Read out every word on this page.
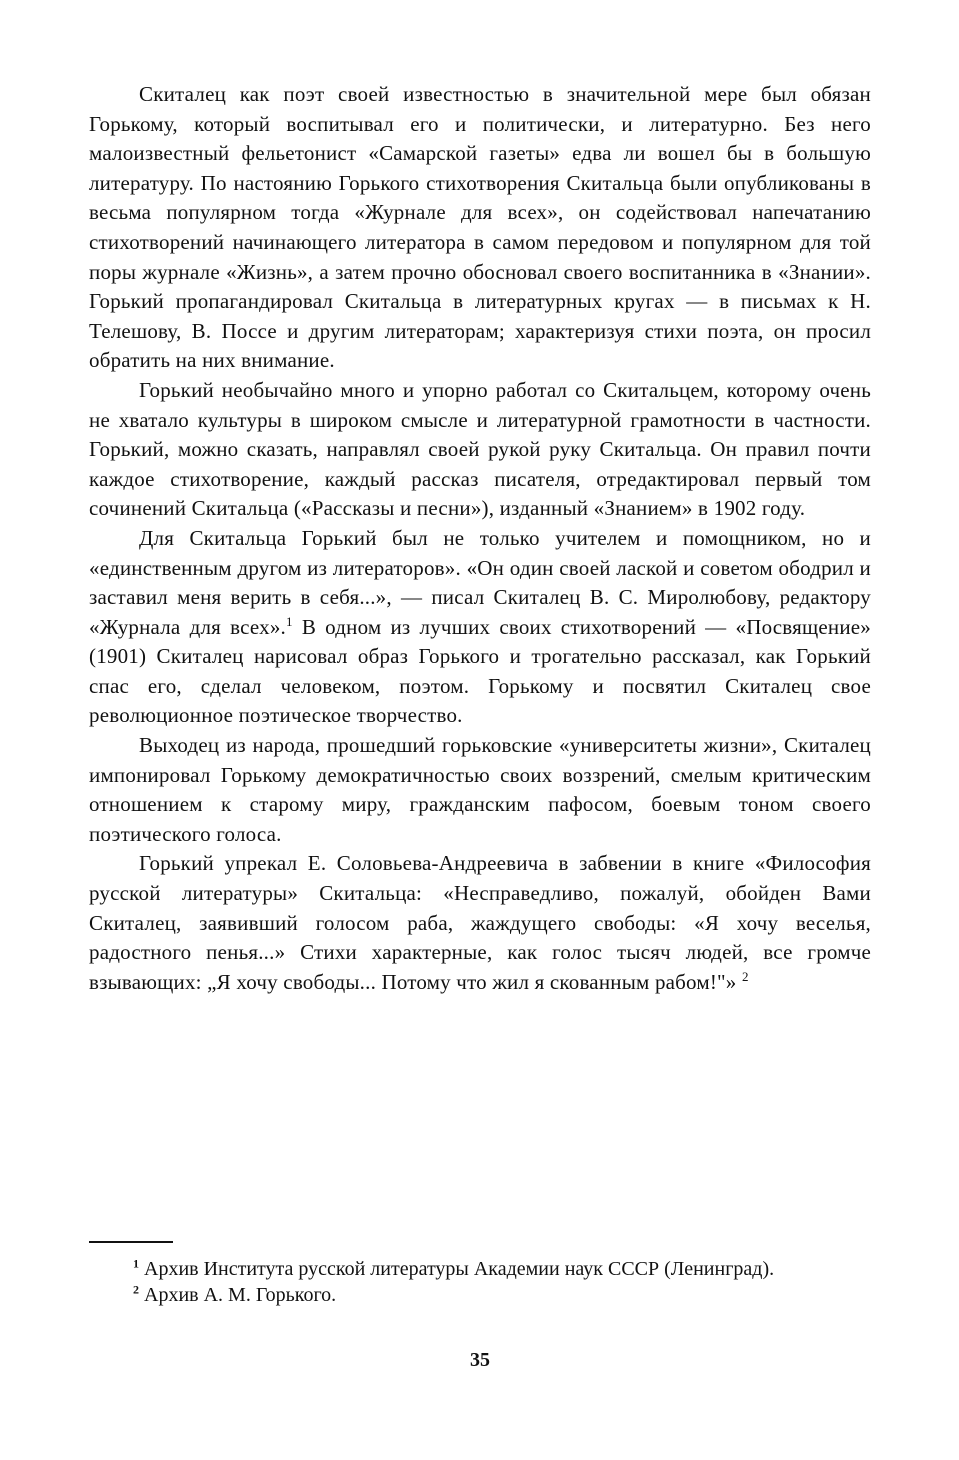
Скиталец как поэт своей известностью в значительной мере был обязан Горькому, который воспитывал его и политически, и литературно. Без него малоизвестный фельетонист «Самарской газеты» едва ли вошел бы в большую литературу. По настоянию Горького стихотворения Скитальца были опубликованы в весьма популярном тогда «Журнале для всех», он содействовал напечатанию стихотворений начинающего литератора в самом передовом и популярном для той поры журнале «Жизнь», а затем прочно обосновал своего воспитанника в «Знании». Горький пропагандировал Скитальца в литературных кругах — в письмах к Н. Телешову, В. Поссе и другим литераторам; характеризуя стихи поэта, он просил обратить на них внимание.

Горький необычайно много и упорно работал со Скитальцем, которому очень не хватало культуры в широком смысле и литературной грамотности в частности. Горький, можно сказать, направлял своей рукой руку Скитальца. Он правил почти каждое стихотворение, каждый рассказ писателя, отредактировал первый том сочинений Скитальца («Рассказы и песни»), изданный «Знанием» в 1902 году.

Для Скитальца Горький был не только учителем и помощником, но и «единственным другом из литераторов». «Он один своей лаской и советом ободрил и заставил меня верить в себя...», — писал Скиталец В. С. Миролюбову, редактору «Журнала для всех».$^1$ В одном из лучших своих стихотворений — «Посвящение» (1901) Скиталец нарисовал образ Горького и трогательно рассказал, как Горький спас его, сделал человеком, поэтом. Горькому и посвятил Скиталец свое революционное поэтическое творчество.

Выходец из народа, прошедший горьковские «университеты жизни», Скиталец импонировал Горькому демократичностью своих воззрений, смелым критическим отношением к старому миру, гражданским пафосом, боевым тоном своего поэтического голоса.

Горький упрекал Е. Соловьева-Андреевича в забвении в книге «Философия русской литературы» Скитальца: «Несправедливо, пожалуй, обойден Вами Скиталец, заявивший голосом раба, жаждущего свободы: «Я хочу веселья, радостного пенья...» Стихи характерные, как голос тысяч людей, все громче взывающих: „Я хочу свободы... Потому что жил я скованным рабом!"» $^2$

$^1$ Архив Института русской литературы Академии наук СССР (Ленинград).

$^2$ Архив А. М. Горького.

35
